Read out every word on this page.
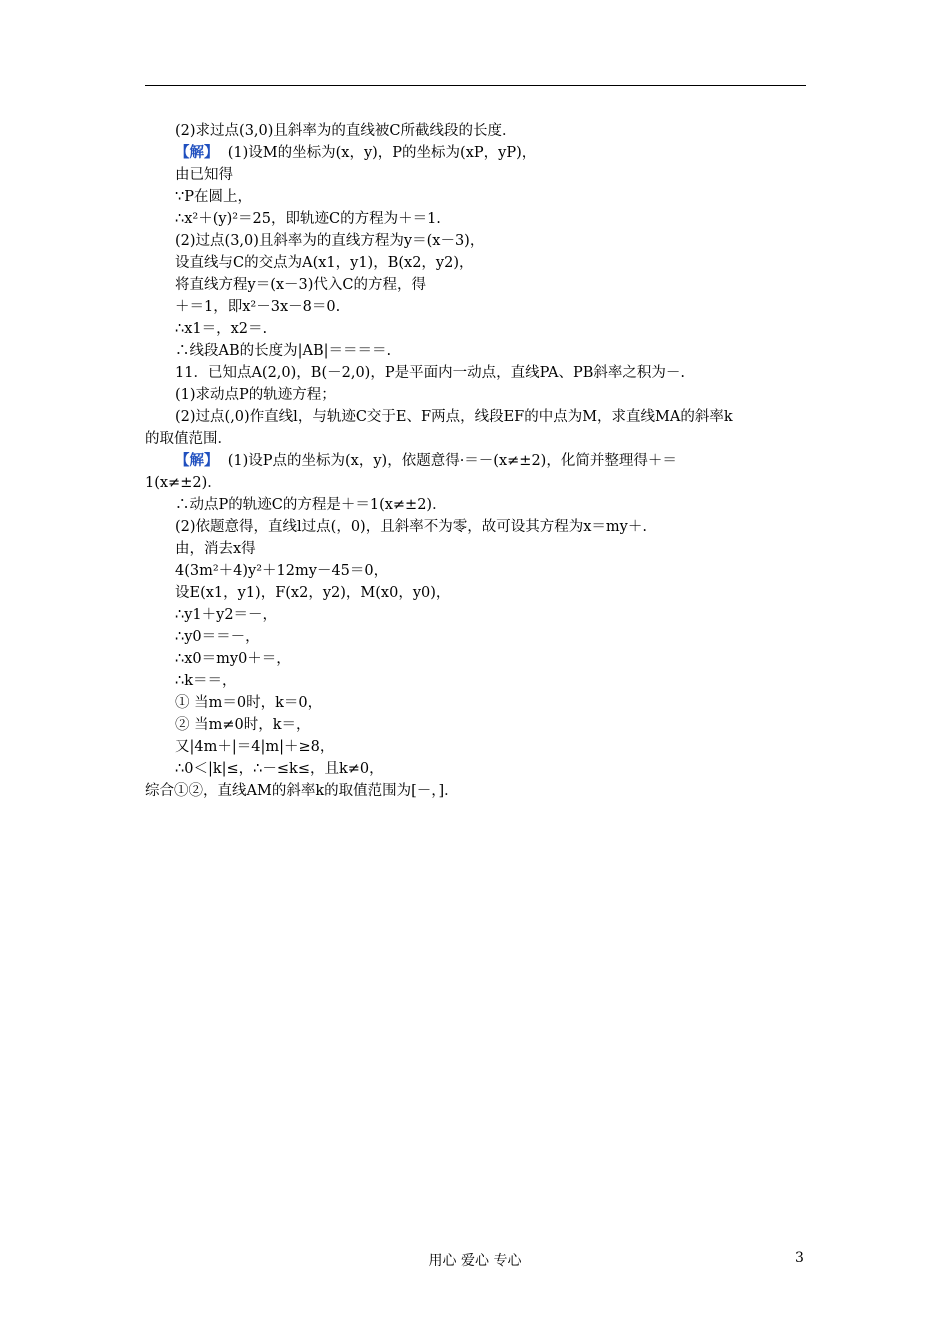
(2)求过点(3,0)且斜率为的直线被C所截线段的长度．
【解】 (1)设M的坐标为(x，y)，P的坐标为(xP，yP)，
由已知得
∵P在圆上，
∴x²＋(y)²＝25，即轨迹C的方程为＋＝1.
(2)过点(3,0)且斜率为的直线方程为y＝(x－3)，
设直线与C的交点为A(x1，y1)，B(x2，y2)，
将直线方程y＝(x－3)代入C的方程，得
＋＝1，即x²－3x－8＝0.
∴x1＝，x2＝.
∴线段AB的长度为|AB|＝＝＝＝.
11．已知点A(2,0)，B(－2,0)，P是平面内一动点，直线PA、PB斜率之积为－.
(1)求动点P的轨迹方程；
(2)过点(,0)作直线l，与轨迹C交于E、F两点，线段EF的中点为M，求直线MA的斜率k
的取值范围．
【解】 (1)设P点的坐标为(x，y)，依题意得·＝－(x≠±2)，化简并整理得＋＝
1(x≠±2)．
∴动点P的轨迹C的方程是＋＝1(x≠±2)．
(2)依题意得，直线l过点(，0)，且斜率不为零，故可设其方程为x＝my＋.
由，消去x得
4(3m²＋4)y²＋12my－45＝0，
设E(x1，y1)，F(x2，y2)，M(x0，y0)，
∴y1＋y2＝－，
∴y0＝＝－，
∴x0＝my0＋＝，
∴k＝＝，
① 当m＝0时，k＝0，
② 当m≠0时，k＝，
又|4m＋|＝4|m|＋≥8，
∴0＜|k|≤，∴－≤k≤，且k≠0，
综合①②，直线AM的斜率k的取值范围为[－，]．
用心 爱心 专心	3
